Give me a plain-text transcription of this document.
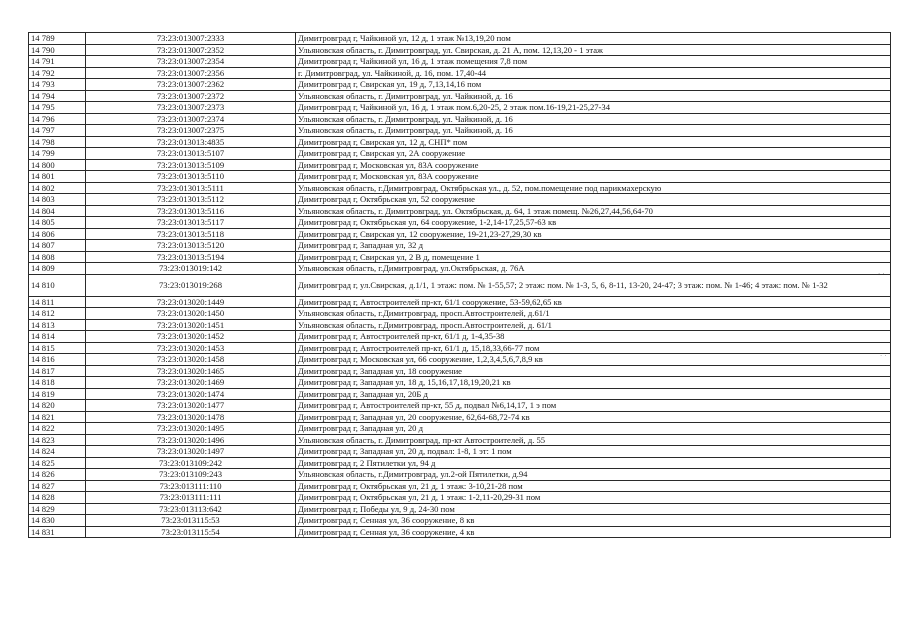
14 789	73:23:013007:2333	Димитровград г, Чайкиной ул, 12 д, 1 этаж №13,19,20 пом
14 790	73:23:013007:2352	Ульяновская область, г. Димитровград, ул. Свирская, д. 21 А, пом. 12,13,20 - 1 этаж
14 791	73:23:013007:2354	Димитровград г, Чайкиной ул, 16 д, 1 этаж помещения 7,8 пом
14 792	73:23:013007:2356	г. Димитровград, ул. Чайкиной, д. 16, пом. 17,40-44
14 793	73:23:013007:2362	Димитровград г, Свирская ул, 19 д, 7,13,14,16 пом
14 794	73:23:013007:2372	Ульяновская область, г. Димитровград, ул. Чайкиной, д. 16
14 795	73:23:013007:2373	Димитровград г, Чайкиной ул, 16 д, 1 этаж пом.6,20-25, 2 этаж пом.16-19,21-25,27-34
14 796	73:23:013007:2374	Ульяновская область, г. Димитровград, ул. Чайкиной, д. 16
14 797	73:23:013007:2375	Ульяновская область, г. Димитровград, ул. Чайкиной, д. 16
14 798	73:23:013013:4835	Димитровград г, Свирская ул, 12 д, СНП* пом
14 799	73:23:013013:5107	Димитровград г, Свирская ул, 2А сооружение
14 800	73:23:013013:5109	Димитровград г, Московская ул, 83А сооружение
14 801	73:23:013013:5110	Димитровград г, Московская ул, 83А сооружение
14 802	73:23:013013:5111	Ульяновская область, г.Димитровград, Октябрьская ул., д. 52, пом.помещение под парикмахерскую
14 803	73:23:013013:5112	Димитровград г, Октябрьская ул, 52 сооружение
14 804	73:23:013013:5116	Ульяновская область, г. Димитровград, ул. Октябрьская, д. 64, 1 этаж помещ. №26,27,44,56,64-70
14 805	73:23:013013:5117	Димитровград г, Октябрьская ул, 64 сооружение, 1-2,14-17,25,57-63 кв
14 806	73:23:013013:5118	Димитровград г, Свирская ул, 12 сооружение, 19-21,23-27,29,30 кв
14 807	73:23:013013:5120	Димитровград г, Западная ул, 32 д
14 808	73:23:013013:5194	Димитровград г, Свирская ул, 2 В д, помещение 1
14 809	73:23:013019:142	Ульяновская область, г.Димитровград, ул.Октябрьская, д. 76А
14 810	73:23:013019:268	Димитровград г, ул.Свирская, д.1/1, 1 этаж: пом. № 1-55,57; 2 этаж: пом. № 1-3, 5, 6, 8-11, 13-20, 24-47; 3 этаж: пом. № 1-46; 4 этаж: пом. № 1-32
14 811	73:23:013020:1449	Димитровград г, Автостроителей пр-кт, 61/1 сооружение, 53-59,62,65 кв
14 812	73:23:013020:1450	Ульяновская область, г.Димитровград, просп.Автостроителей, д.61/1
14 813	73:23:013020:1451	Ульяновская область, г.Димитровград, просп.Автостроителей, д. 61/1
14 814	73:23:013020:1452	Димитровград г, Автостроителей пр-кт, 61/1 д, 1-4,35-38
14 815	73:23:013020:1453	Димитровград г, Автостроителей пр-кт, 61/1 д, 15,18,33,66-77 пом
14 816	73:23:013020:1458	Димитровград г, Московская ул, 66 сооружение, 1,2,3,4,5,6,7,8,9 кв
14 817	73:23:013020:1465	Димитровград г, Западная ул, 18 сооружение
14 818	73:23:013020:1469	Димитровград г, Западная ул, 18 д, 15,16,17,18,19,20,21 кв
14 819	73:23:013020:1474	Димитровград г, Западная ул, 20Б д
14 820	73:23:013020:1477	Димитровград г, Автостроителей пр-кт, 55 д, подвал №6,14,17, 1 э пом
14 821	73:23:013020:1478	Димитровград г, Западная ул, 20 сооружение, 62,64-68,72-74 кв
14 822	73:23:013020:1495	Димитровград г, Западная ул, 20 д
14 823	73:23:013020:1496	Ульяновская область, г. Димитровград, пр-кт Автостроителей, д. 55
14 824	73:23:013020:1497	Димитровград г, Западная ул, 20 д, подвал: 1-8, 1 эт: 1 пом
14 825	73:23:013109:242	Димитровград г, 2 Пятилетки ул, 94 д
14 826	73:23:013109:243	Ульяновская область, г.Димитровград, ул.2-ой Пятилетки, д.94
14 827	73:23:013111:110	Димитровград г, Октябрьская ул, 21 д, 1 этаж: 3-10,21-28 пом
14 828	73:23:013111:111	Димитровград г, Октябрьская ул, 21 д, 1 этаж: 1-2,11-20,29-31 пом
14 829	73:23:013113:642	Димитровград г, Победы ул, 9 д, 24-30 пом
14 830	73:23:013115:53	Димитровград г, Сенная ул, 36 сооружение, 8 кв
14 831	73:23:013115:54	Димитровград г, Сенная ул, 36 сооружение, 4 кв
· ·
· ·
